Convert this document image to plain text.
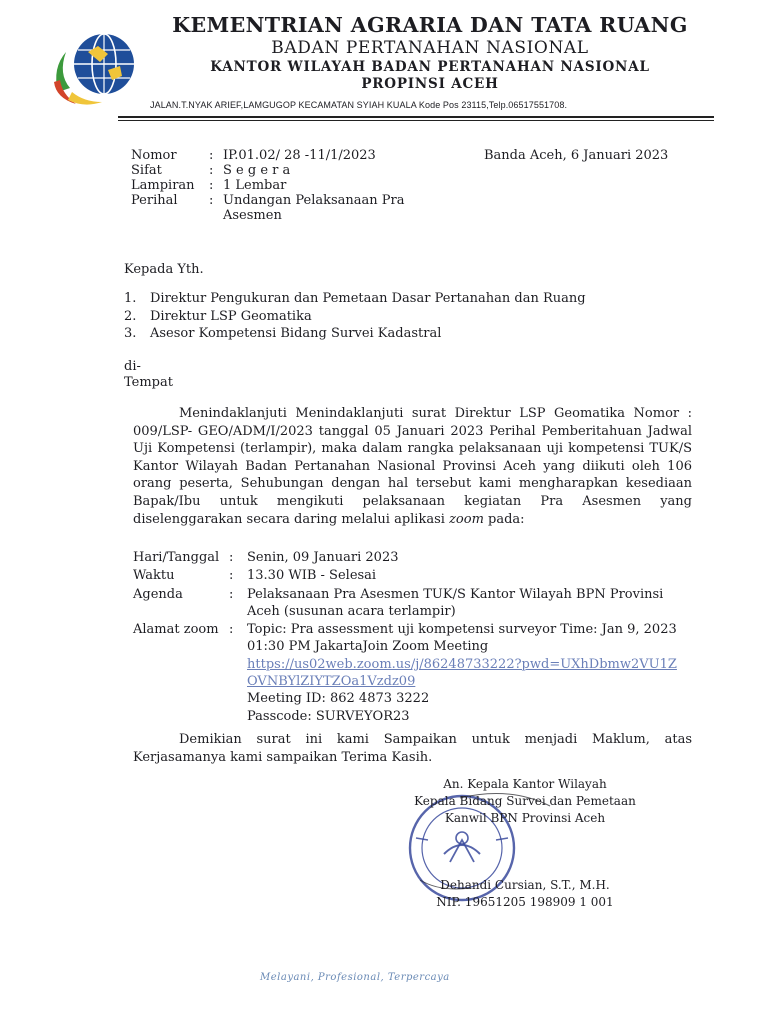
KEMENTRIAN AGRARIA DAN TATA RUANG
BADAN PERTANAHAN NASIONAL
KANTOR WILAYAH BADAN PERTANAHAN NASIONAL
PROPINSI ACEH
JALAN.T.NYAK ARIEF,LAMGUGOP KECAMATAN SYIAH KUALA Kode Pos 23115,Telp.06517551708.
Nomor	: IP.01.02/ 28 -11/1/2023
Sifat	: S e g e r a
Lampiran	: 1 Lembar
Perihal	: Undangan Pelaksanaan Pra Asesmen
Banda Aceh, 6 Januari 2023
Kepada Yth.
1.	Direktur Pengukuran dan Pemetaan Dasar Pertanahan dan Ruang
2.	Direktur LSP Geomatika
3.	Asesor Kompetensi Bidang Survei Kadastral
di-
Tempat

Menindaklanjuti Menindaklanjuti surat Direktur LSP Geomatika Nomor : 009/LSP- GEO/ADM/I/2023 tanggal 05 Januari 2023 Perihal Pemberitahuan Jadwal Uji Kompetensi (terlampir), maka dalam rangka pelaksanaan uji kompetensi TUK/S Kantor Wilayah Badan Pertanahan Nasional Provinsi Aceh yang diikuti oleh 106 orang peserta, Sehubungan dengan hal tersebut kami mengharapkan kesediaan Bapak/Ibu untuk mengikuti pelaksanaan kegiatan Pra Asesmen yang diselenggarakan secara daring melalui aplikasi zoom pada:

Hari/Tanggal :	Senin, 09 Januari 2023
Waktu	:	13.30 WIB - Selesai
Agenda	:	Pelaksanaan Pra Asesmen TUK/S Kantor Wilayah BPN Provinsi Aceh (susunan acara terlampir)
Alamat zoom :	Topic: Pra assessment uji kompetensi surveyor Time: Jan 9, 2023 01:30 PM JakartaJoin Zoom Meeting https://us02web.zoom.us/j/86248733222?pwd=UXhDbmw2VU1ZOVNBYlZIYTZOa1Vzdz09 Meeting ID: 862 4873 3222
Passcode: SURVEYOR23

Demikian surat ini kami Sampaikan untuk menjadi Maklum, atas Kerjasamanya kami sampaikan Terima Kasih.

An. Kepala Kantor Wilayah
Kepala Bidang Survei dan Pemetaan
Kanwil BPN Provinsi Aceh
Dehandi Cursian, S.T., M.H.
NIP. 19651205 198909 1 001
Melayani, Profesional, Terpercaya
